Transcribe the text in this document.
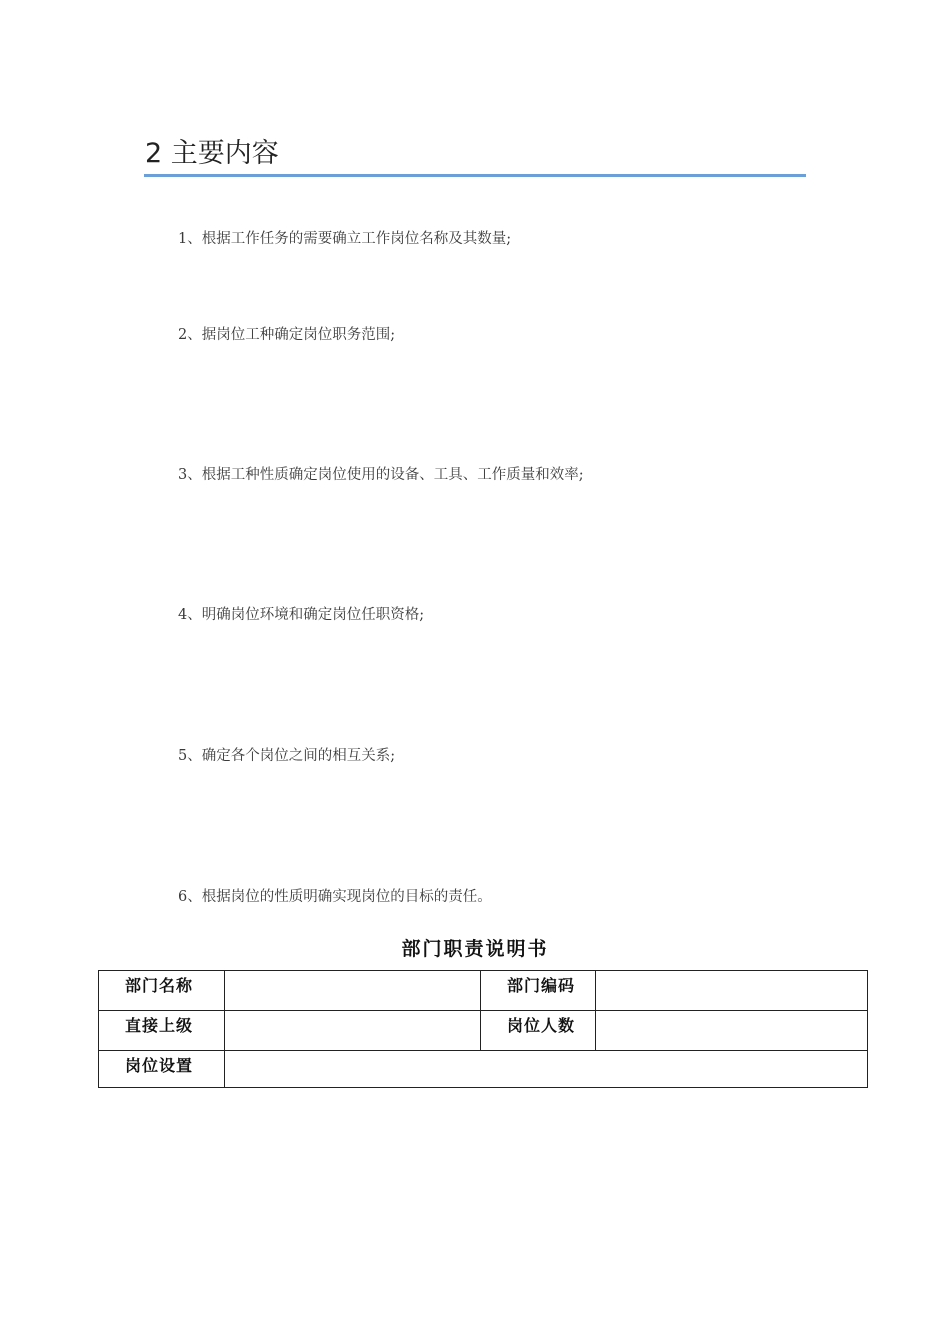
2 主要内容
1、根据工作任务的需要确立工作岗位名称及其数量;
2、据岗位工种确定岗位职务范围;
3、根据工种性质确定岗位使用的设备、工具、工作质量和效率;
4、明确岗位环境和确定岗位任职资格;
5、确定各个岗位之间的相互关系;
6、根据岗位的性质明确实现岗位的目标的责任。
部门职责说明书
部门名称		部门编码	
直接上级		岗位人数	
岗位设置			
